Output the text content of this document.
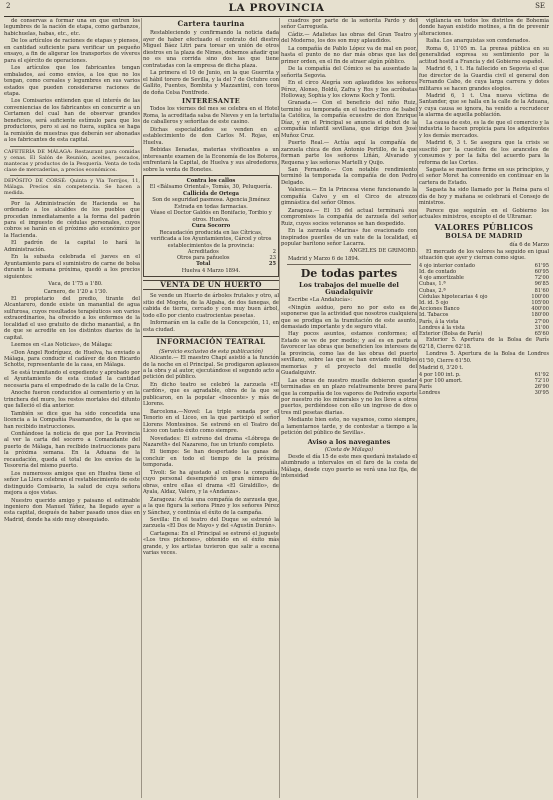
2	LA PROVINCIA	SE

de conservas a formar una en que entren los legumbres de la nación de etapa, como garbanzos, habichuelas, habas, etc., etc.

De los artículos de raciones de etapas y piensos, en cantidad suficiente para verificar un pequeño ensayo, a fin de aligerar los transportes de víveres para el ejército de operaciones.

Los artículos que los fabricantes tengan embalados, así como envíos, a los que no los tengan, como cereales y legumbres en sus varios estados que pueden considerarse raciones de etapa.

Los Comisarios entienden que el interés de las conveniencias de los fabricantes en concurrir a un Certamen del cual han de observar grandes beneficios, será suficiente estímulo para que los productores, pero si así no fuera, suplica se haga la remisión de muestras que deberán ser abonadas a los fabricantes de esta capital.

CAFETERÍA DE MÁLAGA: Restaurant para comidas y cenas. El Salón de Reunión, aceites, pescados, mantecas y productos de la Pesquería. Venta de toda clase de mercaderías, a precios económicos.

DEPÓSITO DE CORSÉ: Quinta y Vía Torrijos, 11, Málaga. Precios sin competencia. Se hacen a medida.

Por la Administración de Hacienda se ha ordenado a los alcaldes de los pueblos que procedan inmediatamente a la forma del padrón para el impuesto de cédulas personales, cuyos cobros se harán en el próximo año económico por la Hacienda.

El padrón de la capital lo hará la Administración.

En la subasta celebrada el jueves en el Ayuntamiento para el suministro de carne de bolsa durante la semana próxima, quedó a los precios siguientes:

Vaca, de 1'75 a 1'80.

Carnero, de 1'20 a 1'30.

El propietario del predio, tirante del Alcantarero, donde existe un manantial de agua sulfurosa, cuyos resultados terapéuticos son varios extraordinarios, ha ofrecido a los enfermos de la localidad el uso gratuito de dicho manantial, a fin de que se acredite en los distintos diarios de la capital.

Leemos en «Las Noticias», de Málaga:

«Don Ángel Rodríguez, de Huelva, ha enviado a Málaga, para conducir el cadáver de don Ricardo Schotte, representante de la casa, en Málaga.

Se está tramitando el expediente y aprobado por el Ayuntamiento de esta ciudad la cantidad necesaria para el empedrado de la calle de la Cruz.

Anoche fueron conducidos al cementerio y en la trinchera del muro, los restos mortales del difunto que falleció el día anterior.

También se dice que ha sido concedida una licencia a la Compañía Pasamandos, de la que se han recibido instrucciones.

Confiándose la noticia de que por La Provincia al ver la carta del socorro a Comandante del puerto de Málaga, han recibido instrucciones para la próxima semana. En la Aduana de la recaudación, queda el total de los envíos de la Tesorería del mismo puerto.

Los numerosos amigos que en Huelva tiene el señor La Llera celebran el restablecimiento de este distinguido Comisario, la salud de cuya señora mejora a ojos vistas.

Nuestro querido amigo y paisano el estimable ingeniero don Manuel Yáñez, ha llegado ayer a esta capital, después de haber pasado unos días en Madrid, donde ha sido muy obsequiado.

Cartera taurina

Restableciendo y confirmando la noticia dada ayer de haber efectuado el contrato del diestro Miguel Báez Litri para torear en unión de otros diestros en la plaza de Nimes, debemos añadir que no es una corrida sino dos las que tiene contratadas con la empresa de dicha plaza.

La primera el 10 de Junio, en la que Guerrita y el hábil torero de Sevilla, y la del 7 de Octubre con Gallito, Fuentes, Bombita y Mazzantini, con toros de doña Celsa Fontfrede.

INTERESANTE

Todos los viernes del mes se celebra en el Hotel Roma, la acreditada salsa de Nieves y en la tertulia de caballeros y señoritas de este casino.

Dichas especialidades se venden en el establecimiento de don Carlos M. Rojas, en Huelva.

Bebidas llenadas, materias vivificantes a un interesante examen de la Economía de los Boteros, enfrentará la Capital, de Huelva y sus alrededores, sobre la venta de Bonetes.

Contra los callos

El «Bálsamo Oriental», Tomás, 30, Peluquería.

Callicida de Ortega

Son de seguridad pasmosa. Agencia Jiménez Estrada en todas farmacias.

Véase el Doctor Galdós en Bonifacio, Toribio y otros. Huelva.

Cura Socorro

Recaudación producida en las Cítricas, verificada a los Ayuntamientos, Cárcel y otros establecimientos de la provincia:

Acreditados	2
Otros para pañuelos	23
Total	25

Huelva 4 Marzo 1894.

VENTA DE UN HUERTO

Se vende un Huerto de árboles frutales y otro, al sitio del Mogote, de la Algaba, de dos fanegas, de cabida de tierra, cercado y con muy buen árbol, todo ello por ciento cuatrocientas pesetas.

Informarán en la calle de la Concepción, 11, en esta ciudad.

INFORMACIÓN TEATRAL

(Servicio exclusivo de esta publicación)

Alicante.— El maestro Chapí asistió a la función de la noche en el Principal. Se prodigaron aplausos a la obra y al autor, ejecutándose el segundo acto a petición del público.

En dicho teatro se celebró la zarzuela «El cardón», que es agradable, obra de la que se publicaron, en la popular «Inocente» y más de Llorens.

Barcelona.—Novel: La triple sonada por el Tenorio en el Liceo, en la que participó el señor Llorens Montesinos. Se estrenó en el Teatro del Liceo con tanto éxito como siempre.

Novedades: El estreno del drama «Lóbrega de Nazareth» del Nazareno, fue un triunfo completo.

El tiempo: Se han despertado las ganas de concluir en todo el tiempo de la próxima temporada.

Tívoli: Se ha ajustado al coliseo la compañía, cuyo personal desempeñó un gran número de obras, entre ellas el drama «El Giraldillo», de Ayala, Aldaz, Valero, y la «Andanza».

Zaragoza: Actúa una compañía de zarzuela que, a la que figura la señora Pinzo y los señores Pérez y Sánchez, y continúa el éxito de la campaña.

Sevilla: En el teatro del Duque se estrenó la zarzuela «El Dos de Mayo» y del «Agustín Durán».

Cartagena: En el Principal se estrenó el juguete «Los tres pichones», obtenido en el éxito más grande, y los artistas tuvieron que salir a escena varias veces.

cuadros por parte de la señorita Pardo y del señor Carreguela.

Cádiz.— Adalietas las obras del Gran Teatro y del Moderno, los dos son muy aplaudidos.

La compañía de Pablo López va de mal en peor, hasta el punto de no dar más obras que las del primer orden, en el fin de atraer algún público.

De la compañía del Cómico se ha ausentado la señorita Segovia.

En el circo Alegría son aplaudidos los señores Pérez, Alonso, Boldú, Zafra y Ros y los acróbatas Holloway, Sophia y los clowns Koch y Tonti.

Granada.— Con el beneficio del niño Ruiz, terminó su temporada en el teatro-circo de Isabel la Católica, la compañía ecuestre de don Enrique Díaz, y en el Principal se anuncia el debut de la compañía infantil sevillana, que dirige don José Muñoz Cruz.

Puerto Real.— Actúa aquí la compañía de zarzuela chica de don Antonio Portillo, de la que forman parte los señores Liñán, Alvarado y Requena y las señoras Martelli y Quijo.

San Fernando.— Con notable rendimiento terminó la temporada la compañía de don Pedro Delgado.

Valencia.— En la Princesa viene funcionando la compañía Calvo y en el Circo de atrezzo gimnástica del señor Olmos.

Zaragoza.— El 15 del actual terminará sus compromisos la compañía de zarzuela del señor Ruiz, cuyos socios veteranos se han despedido.

En la zarzuela «Marina» fue ovacionado con inspirados pueriles de un vate de la localidad, el popular barítono señor Lacarra.

ANGELES DE GRIMORD.

Madrid y Marzo 6 de 1894.

De todas partes
Los trabajos del muelle del Guadalquivir

Escribe «La Andalucía»:

«Ningún asiduo, pero no por esto es de suponerse que la actividad que nosotros cualquiera que se prodiga en la tramitación de este asunto, demasiado importante y de seguro vital.

Hay pocos asuntos, estamos conformes; el Estado se ve de por medio; y así es en parte a favorecer las obras que beneficien los intereses de la provincia, como las de las obras del puerto sevillano, sobre las que se han enviado múltiples memorias y el proyecto del muelle del Guadalquivir.

Las obras de nuestro muelle debieron quedar terminadas en un plazo relativamente breve para que la compañía de los vapores de Pedreño exporte por nuestro río los minerales y no los lleve a otros puertos, perdiéndose con ello un ingreso de dos o tres mil pesetas diarias.

Mediante bien esto, no vayamos, como siempre, a lamentarnos tarde, y de contestar a tiempo a la petición del público de Sevilla».

Aviso a los navegantes

(Costa de Málaga)

Desde el día 15 de este mes quedará instalado el alumbrado a intervalos en el faro de la costa de Málaga, desde cuyo puerto se verá una luz fija, de intensidad

vigilancia en todos los distritos de Bohemia donde hayan existido motines, a fin de prevenir alteraciones.

Italia. Los anarquistas son condenados.

Roma 6, 11'05 m. La prensa pública en su generalidad expresa su sentimiento por la actitud hostil a Francia y del Gobierno español.

Madrid 6, 1 t. Ha fallecido en Segovia el que fue director de la Guardia civil el general don Fernando Cabo, de cuya larga carrera y dotes militares se hacen grandes elogios.

Madrid 6, 1 t. Una nueva víctima de Santander, que se halla en la calle de la Aduana, y cuya causa se ignora, ha venido a recrudecer la alarma de aquella población.

La causa de esto, es la de que el comercio y la industria lo hacen propicia para los adquirentes y los demás mercados.

Madrid 6, 3 t. Se asegura que la crisis se suscitó por la cuestión de los aranceles de consumos y por la falta del acuerdo para la reforma de las Cortes.

Sagasta se mantiene firme en sus principios, y el señor Moret ha convenido en continuar en la cartera de Estado.

Sagasta ha sido llamado por la Reina para el día de hoy y mañana se celebrará el Consejo de ministros.

Parece que seguirán en el Gobierno los actuales ministros, excepto el de Ultramar.

VALORES PÚBLICOS
BOLSA DE MADRID

día 6 de Marzo

El mercado de los valores ha seguido en igual situación que ayer y cierran como sigue.

4 ojo interior contado	61'95
Id. de contado	60'95
4 ojo amortizable	72'00
Cubas, 1.ª	96'85
Cubas, 2.ª	81'60
Cédulas hipotecarias 4 ojo	100'00
Id. id. 5 ojo	105'00
Acciones Banco	400'00
Id. Tabacos	180'00
París, á la vista	27'00
Londres á la vista	31'00
Exterior (Bolsa de París)	65'60

Exterior 5. Apertura de la Bolsa de París 62'18, Cierre 62'18.

Londres 5. Apertura de la Bolsa de Londres 61'50, Cierre 61'50.

Madrid 6, 3'20 t.

4 por 100 int. p.	61'92
4 por 100 amort.	72'10
París	26'90
Londres	30'95
